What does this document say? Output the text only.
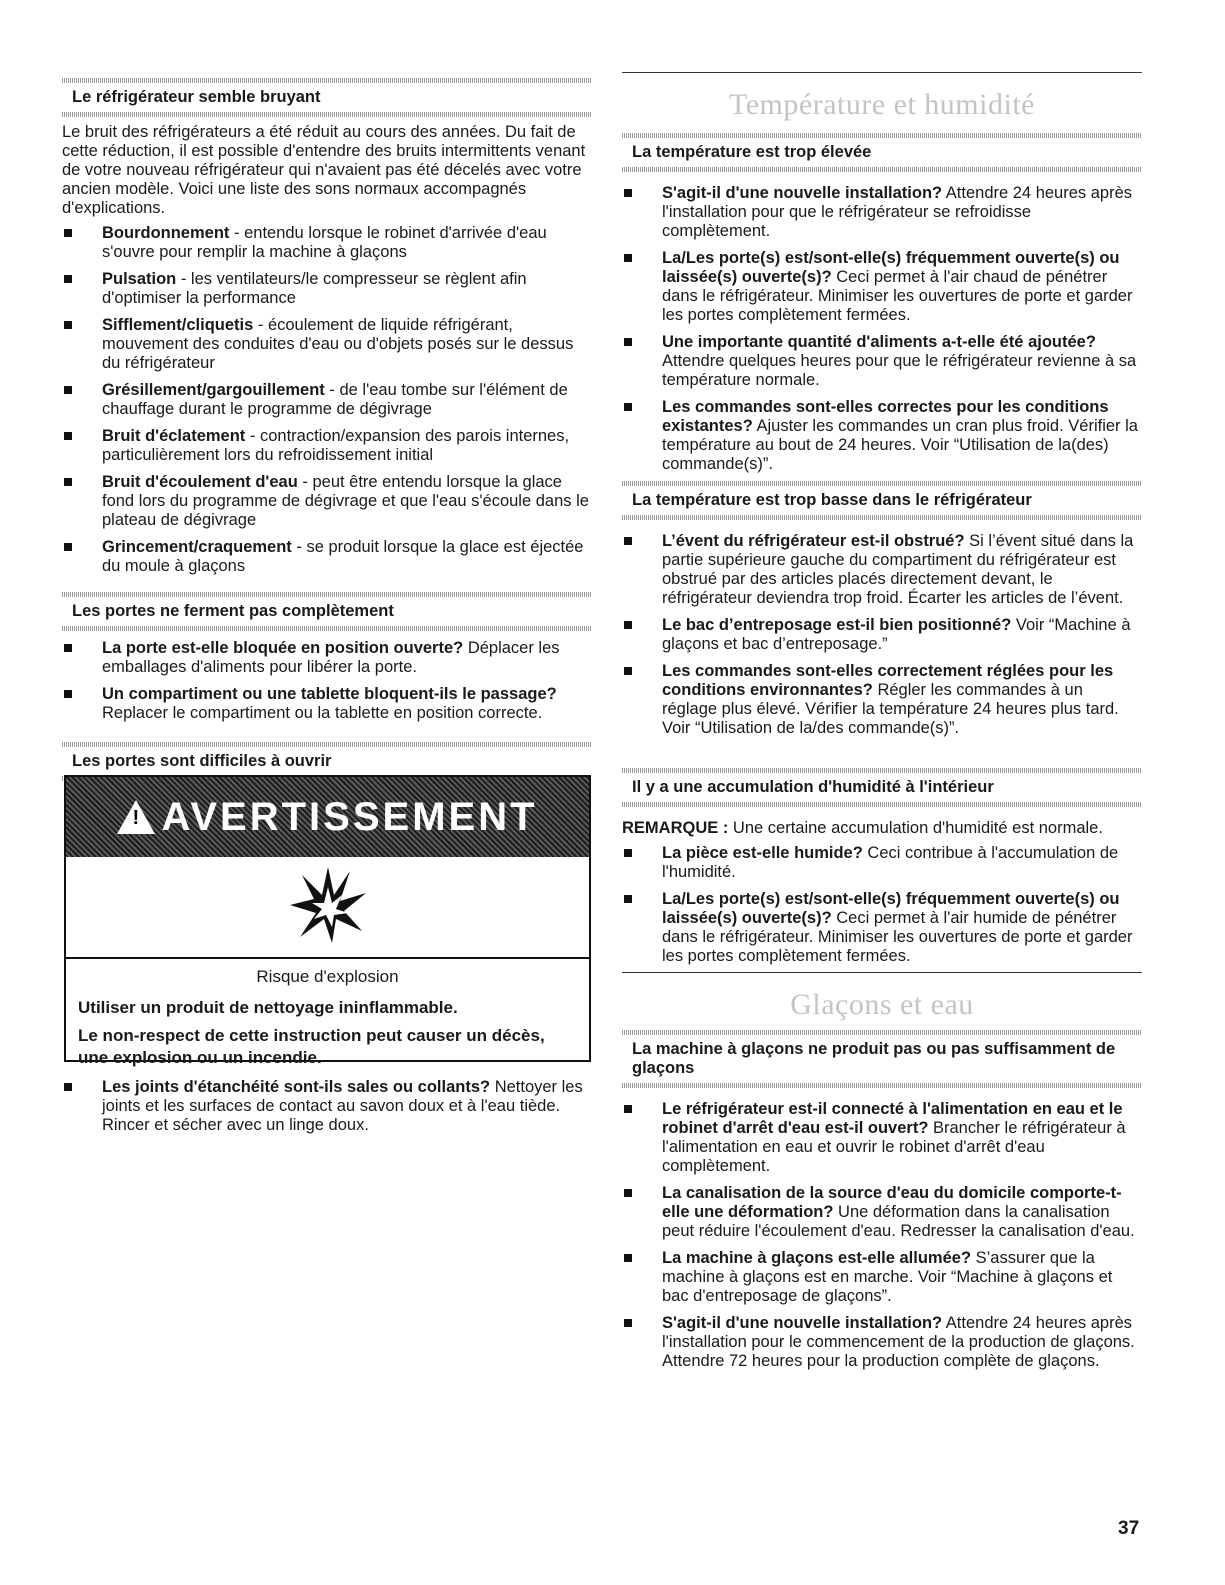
Le réfrigérateur semble bruyant

Le bruit des réfrigérateurs a été réduit au cours des années. Du fait de cette réduction, il est possible d'entendre des bruits intermittents venant de votre nouveau réfrigérateur qui n'avaient pas été décelés avec votre ancien modèle. Voici une liste des sons normaux accompagnés d'explications.

Bourdonnement - entendu lorsque le robinet d'arrivée d'eau s'ouvre pour remplir la machine à glaçons
Pulsation - les ventilateurs/le compresseur se règlent afin d'optimiser la performance
Sifflement/cliquetis - écoulement de liquide réfrigérant, mouvement des conduites d'eau ou d'objets posés sur le dessus du réfrigérateur
Grésillement/gargouillement - de l'eau tombe sur l'élément de chauffage durant le programme de dégivrage
Bruit d'éclatement - contraction/expansion des parois internes, particulièrement lors du refroidissement initial
Bruit d'écoulement d'eau - peut être entendu lorsque la glace fond lors du programme de dégivrage et que l'eau s'écoule dans le plateau de dégivrage
Grincement/craquement - se produit lorsque la glace est éjectée du moule à glaçons
Les portes ne ferment pas complètement
La porte est-elle bloquée en position ouverte? Déplacer les emballages d'aliments pour libérer la porte.
Un compartiment ou une tablette bloquent-ils le passage? Replacer le compartiment ou la tablette en position correcte.
Les portes sont difficiles à ouvrir
! AVERTISSEMENT

Risque d'explosion

Utiliser un produit de nettoyage ininflammable.

Le non-respect de cette instruction peut causer un décès, une explosion ou un incendie.

Les joints d'étanchéité sont-ils sales ou collants? Nettoyer les joints et les surfaces de contact au savon doux et à l'eau tiède. Rincer et sécher avec un linge doux.
Température et humidité
La température est trop élevée
S'agit-il d'une nouvelle installation? Attendre 24 heures après l'installation pour que le réfrigérateur se refroidisse complètement.
La/Les porte(s) est/sont-elle(s) fréquemment ouverte(s) ou laissée(s) ouverte(s)? Ceci permet à l'air chaud de pénétrer dans le réfrigérateur. Minimiser les ouvertures de porte et garder les portes complètement fermées.
Une importante quantité d'aliments a-t-elle été ajoutée? Attendre quelques heures pour que le réfrigérateur revienne à sa température normale.
Les commandes sont-elles correctes pour les conditions existantes? Ajuster les commandes un cran plus froid. Vérifier la température au bout de 24 heures. Voir “Utilisation de la(des) commande(s)”.
La température est trop basse dans le réfrigérateur
L’évent du réfrigérateur est-il obstrué? Si l’évent situé dans la partie supérieure gauche du compartiment du réfrigérateur est obstrué par des articles placés directement devant, le réfrigérateur deviendra trop froid. Écarter les articles de l’évent.
Le bac d’entreposage est-il bien positionné? Voir “Machine à glaçons et bac d’entreposage.”
Les commandes sont-elles correctement réglées pour les conditions environnantes? Régler les commandes à un réglage plus élevé. Vérifier la température 24 heures plus tard. Voir “Utilisation de la/des commande(s)”.
Il y a une accumulation d'humidité à l'intérieur

REMARQUE : Une certaine accumulation d'humidité est normale.

La pièce est-elle humide? Ceci contribue à l'accumulation de l'humidité.
La/Les porte(s) est/sont-elle(s) fréquemment ouverte(s) ou laissée(s) ouverte(s)? Ceci permet à l'air humide de pénétrer dans le réfrigérateur. Minimiser les ouvertures de porte et garder les portes complètement fermées.
Glaçons et eau
La machine à glaçons ne produit pas ou pas suffisamment de glaçons
Le réfrigérateur est-il connecté à l'alimentation en eau et le robinet d'arrêt d'eau est-il ouvert? Brancher le réfrigérateur à l'alimentation en eau et ouvrir le robinet d'arrêt d'eau complètement.
La canalisation de la source d'eau du domicile comporte-t-elle une déformation? Une déformation dans la canalisation peut réduire l'écoulement d'eau. Redresser la canalisation d'eau.
La machine à glaçons est-elle allumée? S’assurer que la machine à glaçons est en marche. Voir “Machine à glaçons et bac d'entreposage de glaçons”.
S'agit-il d'une nouvelle installation? Attendre 24 heures après l'installation pour le commencement de la production de glaçons. Attendre 72 heures pour la production complète de glaçons.
37
